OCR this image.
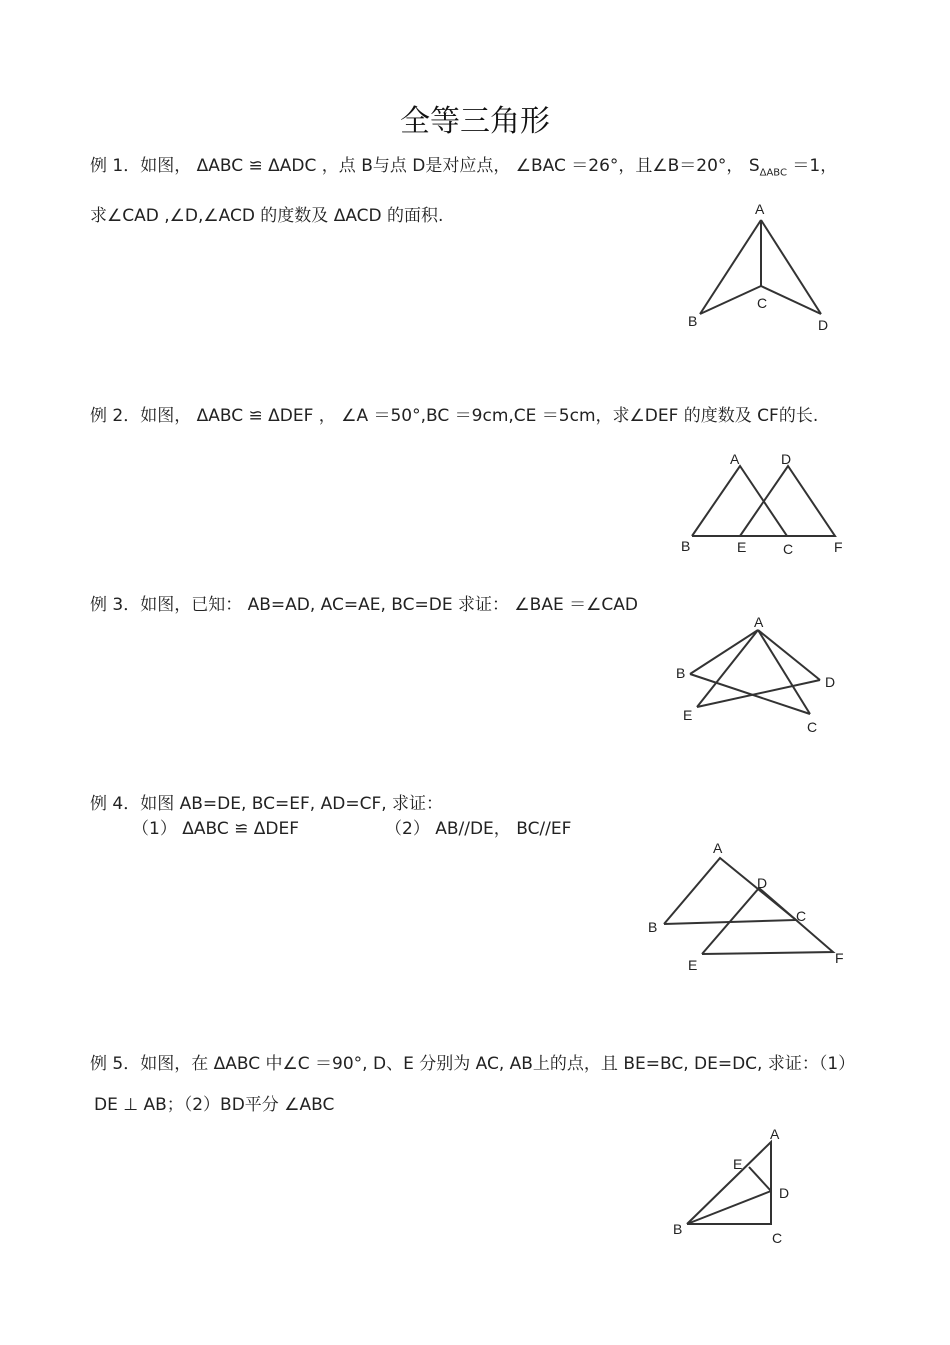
全等三角形
例 1．如图， ΔABC ≌ ΔADC ，点 B与点 D是对应点， ∠BAC ＝26°，且∠B＝20°， $S_{\Delta ABC} =1$，
求∠CAD ,∠D,∠ACD 的度数及 ΔACD 的面积.	A
B
C
D
例 2．如图， ΔABC ≌ ΔDEF ， ∠A ＝50°,BC ＝9cm,CE ＝5cm，求∠DEF 的度数及 CF的长.
A	D
B	E	C	F
例 3．如图，已知： AB=AD, AC=AE, BC=DE 求证： ∠BAE ＝∠CAD
A
B
D
E
C
例 4．如图 AB=DE, BC=EF, AD=CF, 求证：
（1） ΔABC ≌ ΔDEF	（2） AB//DE， BC//EF
A
D
C
B
E	F
例 5．如图，在 ΔABC 中∠C ＝90°, D、E 分别为 AC, AB上的点，且 BE=BC, DE=DC, 求证：（1）
DE ⊥ AB；（2）BD平分 ∠ABC
A
E
D
B
C
